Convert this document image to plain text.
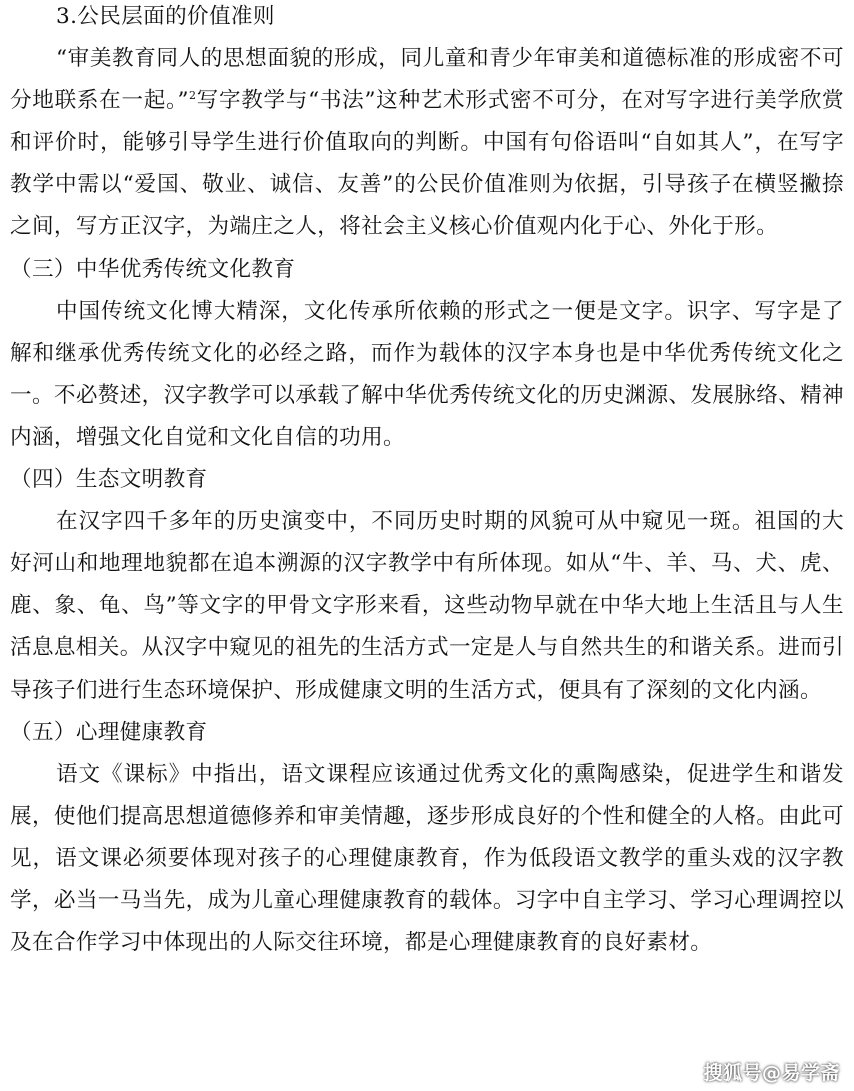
3.公民层面的价值准则

“审美教育同人的思想面貌的形成，同儿童和青少年审美和道德标准的形成密不可分地联系在一起。”$^2$写字教学与“书法”这种艺术形式密不可分，在对写字进行美学欣赏和评价时，能够引导学生进行价值取向的判断。中国有句俗语叫“自如其人”，在写字教学中需以“爱国、敬业、诚信、友善”的公民价值准则为依据，引导孩子在横竖撇捺之间，写方正汉字，为端庄之人，将社会主义核心价值观内化于心、外化于形。

（三）中华优秀传统文化教育

中国传统文化博大精深，文化传承所依赖的形式之一便是文字。识字、写字是了解和继承优秀传统文化的必经之路，而作为载体的汉字本身也是中华优秀传统文化之一。不必赘述，汉字教学可以承载了解中华优秀传统文化的历史渊源、发展脉络、精神内涵，增强文化自觉和文化自信的功用。

（四）生态文明教育

在汉字四千多年的历史演变中，不同历史时期的风貌可从中窥见一斑。祖国的大好河山和地理地貌都在追本溯源的汉字教学中有所体现。如从“牛、羊、马、犬、虎、鹿、象、龟、鸟”等文字的甲骨文字形来看，这些动物早就在中华大地上生活且与人生活息息相关。从汉字中窥见的祖先的生活方式一定是人与自然共生的和谐关系。进而引导孩子们进行生态环境保护、形成健康文明的生活方式，便具有了深刻的文化内涵。

（五）心理健康教育

语文《课标》中指出，语文课程应该通过优秀文化的熏陶感染，促进学生和谐发展，使他们提高思想道德修养和审美情趣，逐步形成良好的个性和健全的人格。由此可见，语文课必须要体现对孩子的心理健康教育，作为低段语文教学的重头戏的汉字教学，必当一马当先，成为儿童心理健康教育的载体。习字中自主学习、学习心理调控以及在合作学习中体现出的人际交往环境，都是心理健康教育的良好素材。

搜狐号@易学斋
